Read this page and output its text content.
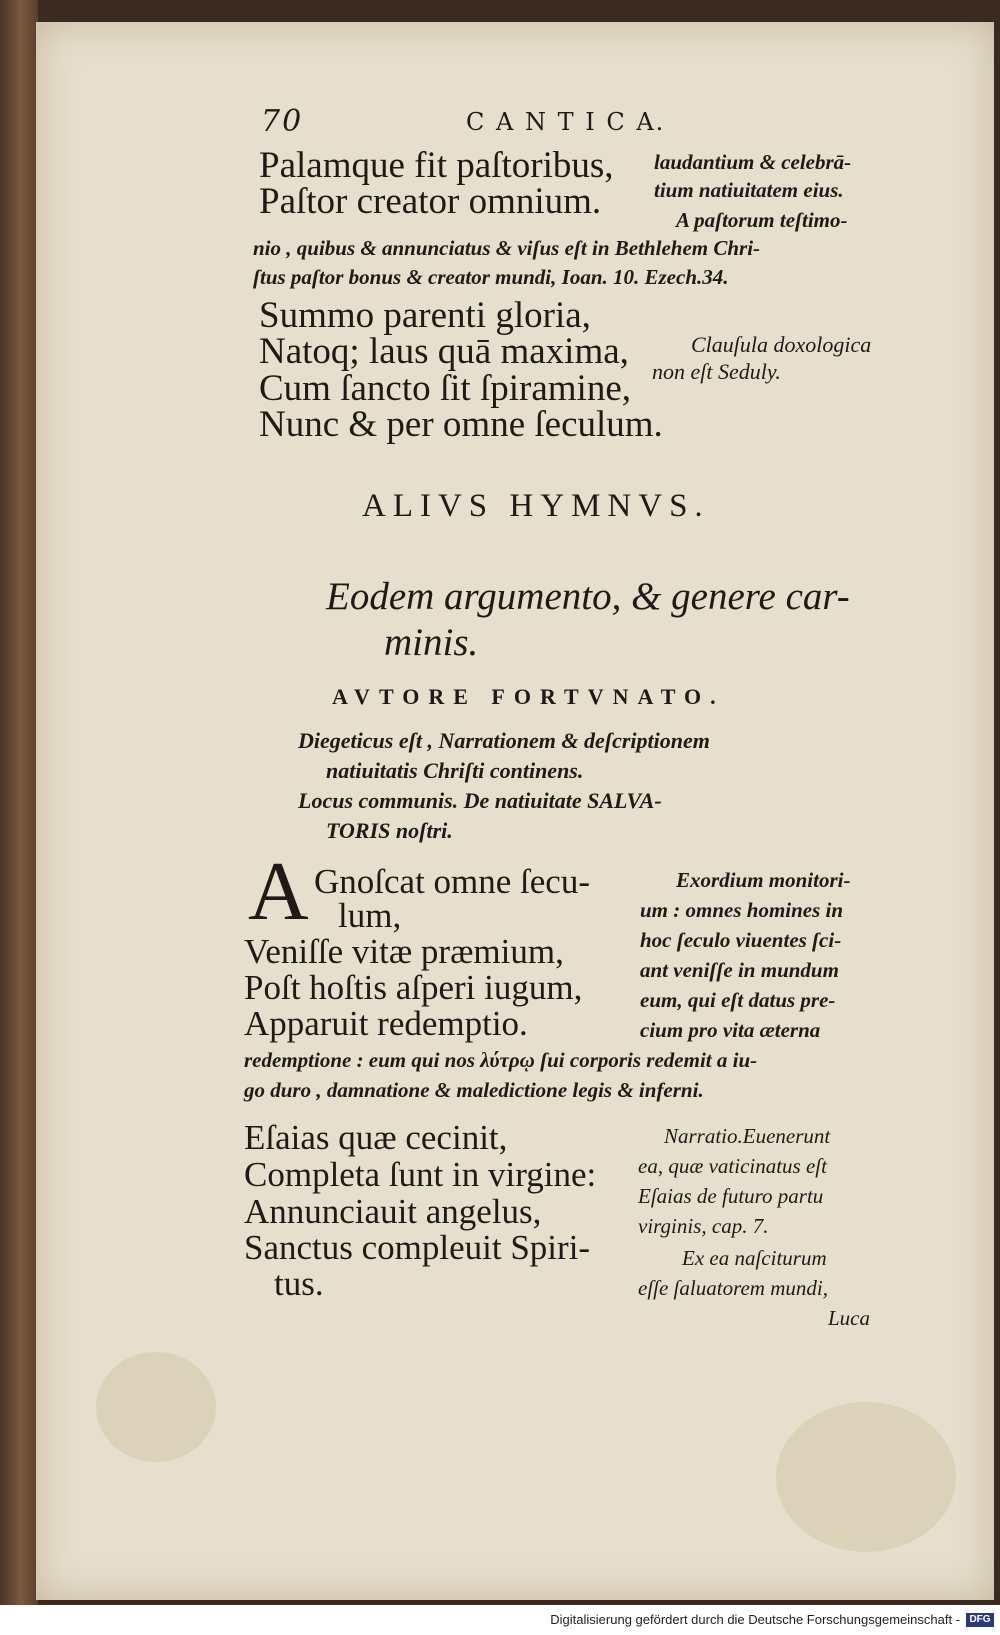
70	C A N T I C A.
Palamque fit paſtoribus,
Paſtor creator omnium.
laudantium & celebrā-
tium natiuitatem eius.
A paſtorum teſtimo-
nio , quibus & annunciatus & viſus eſt in Bethlehem Chri-
ſtus paſtor bonus & creator mundi, Ioan. 10. Ezech.34.
Summo parenti gloria,
Natoq; laus quā maxima,
Cum ſancto ſit ſpiramine,
Nunc & per omne ſeculum.
Clauſula doxologica
non eſt Seduly.
ALIVS HYMNVS.
Eodem argumento, & genere car-
minis.
AVTORE FORTVNATO.
Diegeticus eſt , Narrationem & deſcriptionem
natiuitatis Chriſti continens.
Locus communis. De natiuitate SALVA-
TORIS noſtri.
A Gnoſcat omne ſecu-
lum,
Veniſſe vitæ præmium,
Poſt hoſtis aſperi iugum,
Apparuit redemptio.
Exordium monitori-
um : omnes homines in
hoc ſeculo viuentes ſci-
ant veniſſe in mundum
eum, qui eſt datus pre-
cium pro vita æterna
redemptione : eum qui nos λύτρῳ ſui corporis redemit a iu-
go duro , damnatione & maledictione legis & inferni.
Eſaias quæ cecinit,
Completa ſunt in virgine:
Annunciauit angelus,
Sanctus compleuit Spiri-
tus.
Narratio.Euenerunt
ea, quæ vaticinatus eſt
Eſaias de futuro partu
virginis, cap. 7.
Ex ea naſciturum
eſſe ſaluatorem mundi,
Luca
Digitalisierung gefördert durch die Deutsche Forschungsgemeinschaft - DFG
